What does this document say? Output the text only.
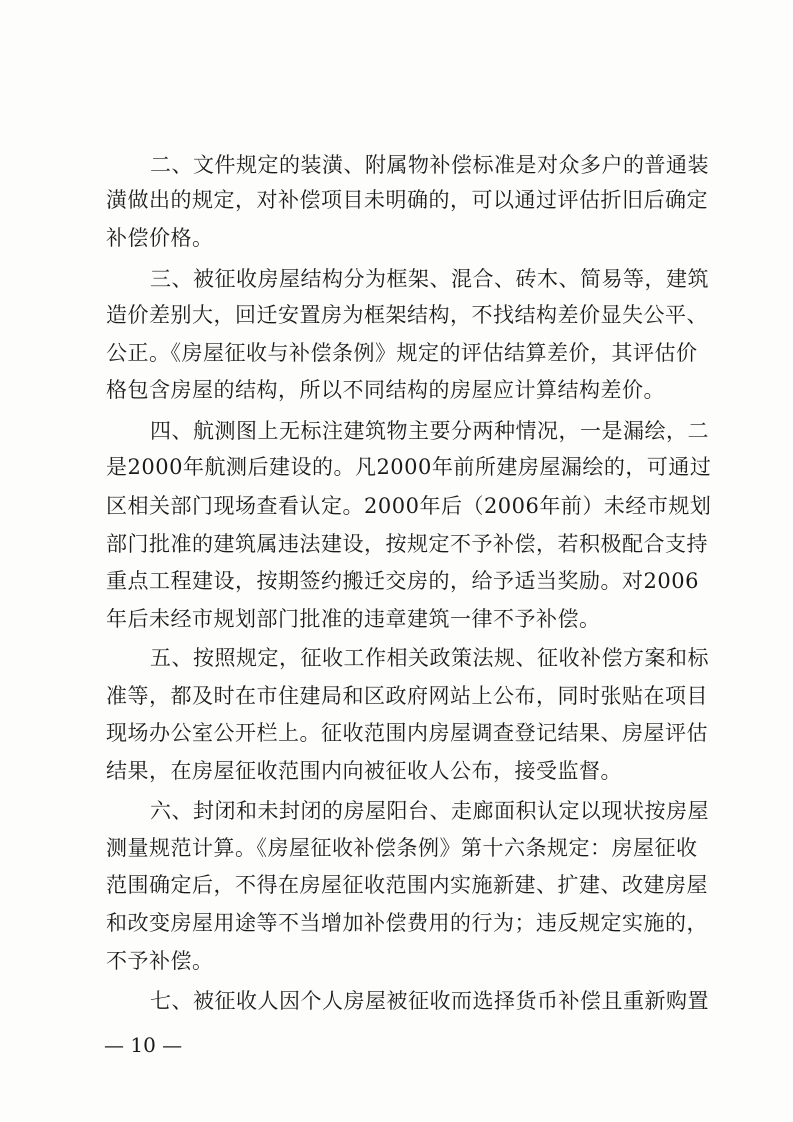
二、文件规定的装潢、附属物补偿标准是对众多户的普通装
潢做出的规定，对补偿项目未明确的，可以通过评估折旧后确定
补偿价格。
三、被征收房屋结构分为框架、混合、砖木、简易等，建筑
造价差别大，回迁安置房为框架结构，不找结构差价显失公平、
公正。《房屋征收与补偿条例》规定的评估结算差价，其评估价
格包含房屋的结构，所以不同结构的房屋应计算结构差价。
四、航测图上无标注建筑物主要分两种情况，一是漏绘，二
是2000年航测后建设的。凡2000年前所建房屋漏绘的，可通过
区相关部门现场查看认定。2000年后（2006年前）未经市规划
部门批准的建筑属违法建设，按规定不予补偿，若积极配合支持
重点工程建设，按期签约搬迁交房的，给予适当奖励。对2006
年后未经市规划部门批准的违章建筑一律不予补偿。
五、按照规定，征收工作相关政策法规、征收补偿方案和标
准等，都及时在市住建局和区政府网站上公布，同时张贴在项目
现场办公室公开栏上。征收范围内房屋调查登记结果、房屋评估
结果，在房屋征收范围内向被征收人公布，接受监督。
六、封闭和未封闭的房屋阳台、走廊面积认定以现状按房屋
测量规范计算。《房屋征收补偿条例》第十六条规定：房屋征收
范围确定后，不得在房屋征收范围内实施新建、扩建、改建房屋
和改变房屋用途等不当增加补偿费用的行为；违反规定实施的，
不予补偿。
七、被征收人因个人房屋被征收而选择货币补偿且重新购置
— 10 —
